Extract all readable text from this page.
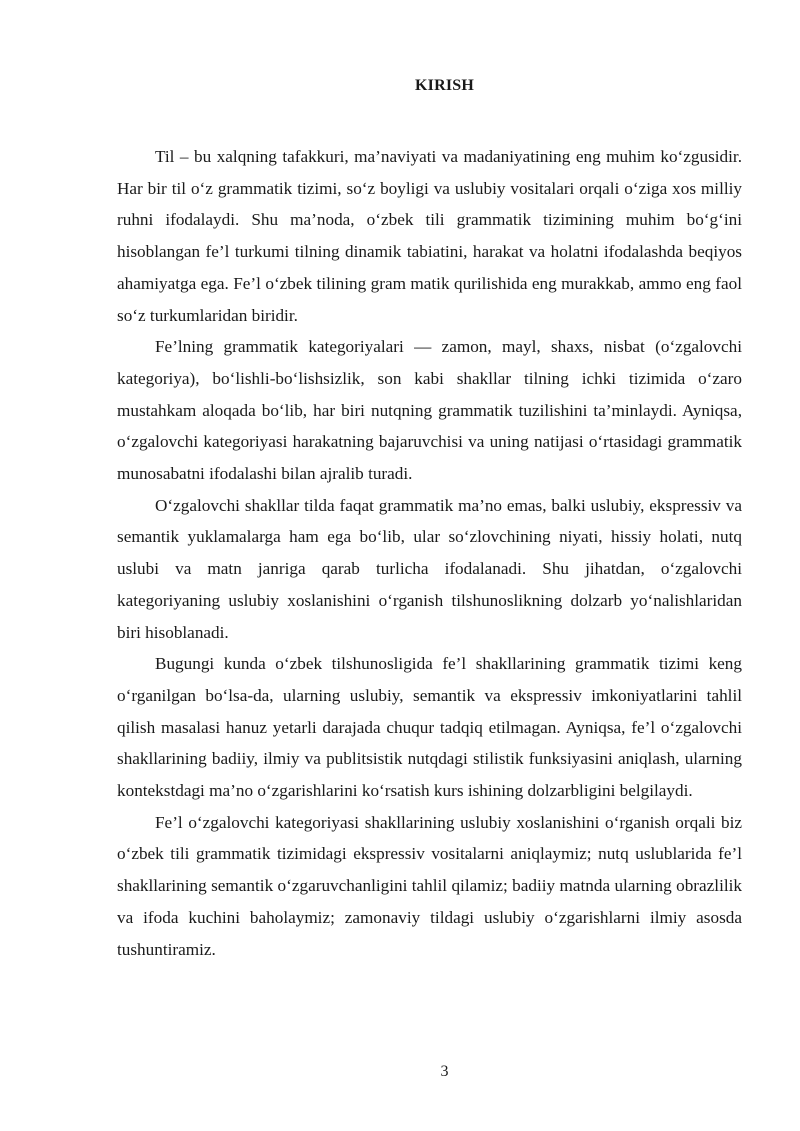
KIRISH

Til – bu xalqning tafakkuri, ma’naviyati va madaniyatining eng muhim ko‘zgusidir. Har bir til o‘z grammatik tizimi, so‘z boyligi va uslubiy vositalari orqali o‘ziga xos milliy ruhni ifodalaydi. Shu ma’noda, o‘zbek tili grammatik tizimining muhim bo‘g‘ini hisoblangan fe’l turkumi tilning dinamik tabiatini, harakat va holatni ifodalashda beqiyos ahamiyatga ega. Fe’l o‘zbek tilining gram matik qurilishida eng murakkab, ammo eng faol so‘z turkumlaridan biridir.

Fe’lning grammatik kategoriyalari — zamon, mayl, shaxs, nisbat (o‘zgalovchi kategoriya), bo‘lishli-bo‘lishsizlik, son kabi shakllar tilning ichki tizimida o‘zaro mustahkam aloqada bo‘lib, har biri nutqning grammatik tuzilishini ta’minlaydi. Ayniqsa, o‘zgalovchi kategoriyasi harakatning bajaruvchisi va uning natijasi o‘rtasidagi grammatik munosabatni ifodalashi bilan ajralib turadi.

O‘zgalovchi shakllar tilda faqat grammatik ma’no emas, balki uslubiy, ekspressiv va semantik yuklamalarga ham ega bo‘lib, ular so‘zlovchining niyati, hissiy holati, nutq uslubi va matn janriga qarab turlicha ifodalanadi. Shu jihatdan, o‘zgalovchi kategoriyaning uslubiy xoslanishini o‘rganish tilshunoslikning dolzarb yo‘nalishlaridan biri hisoblanadi.

Bugungi kunda o‘zbek tilshunosligida fe’l shakllarining grammatik tizimi keng o‘rganilgan bo‘lsa-da, ularning uslubiy, semantik va ekspressiv imkoniyatlarini tahlil qilish masalasi hanuz yetarli darajada chuqur tadqiq etilmagan. Ayniqsa, fe’l o‘zgalovchi shakllarining badiiy, ilmiy va publitsistik nutqdagi stilistik funksiyasini aniqlash, ularning kontekstdagi ma’no o‘zgarishlarini ko‘rsatish kurs ishining dolzarbligini belgilaydi.

Fe’l o‘zgalovchi kategoriyasi shakllarining uslubiy xoslanishini o‘rganish orqali biz o‘zbek tili grammatik tizimidagi ekspressiv vositalarni aniqlaymiz; nutq uslublarida fe’l shakllarining semantik o‘zgaruvchanligini tahlil qilamiz; badiiy matnda ularning obrazlilik va ifoda kuchini baholaymiz; zamonaviy tildagi uslubiy o‘zgarishlarni ilmiy asosda tushuntiramiz.

3
